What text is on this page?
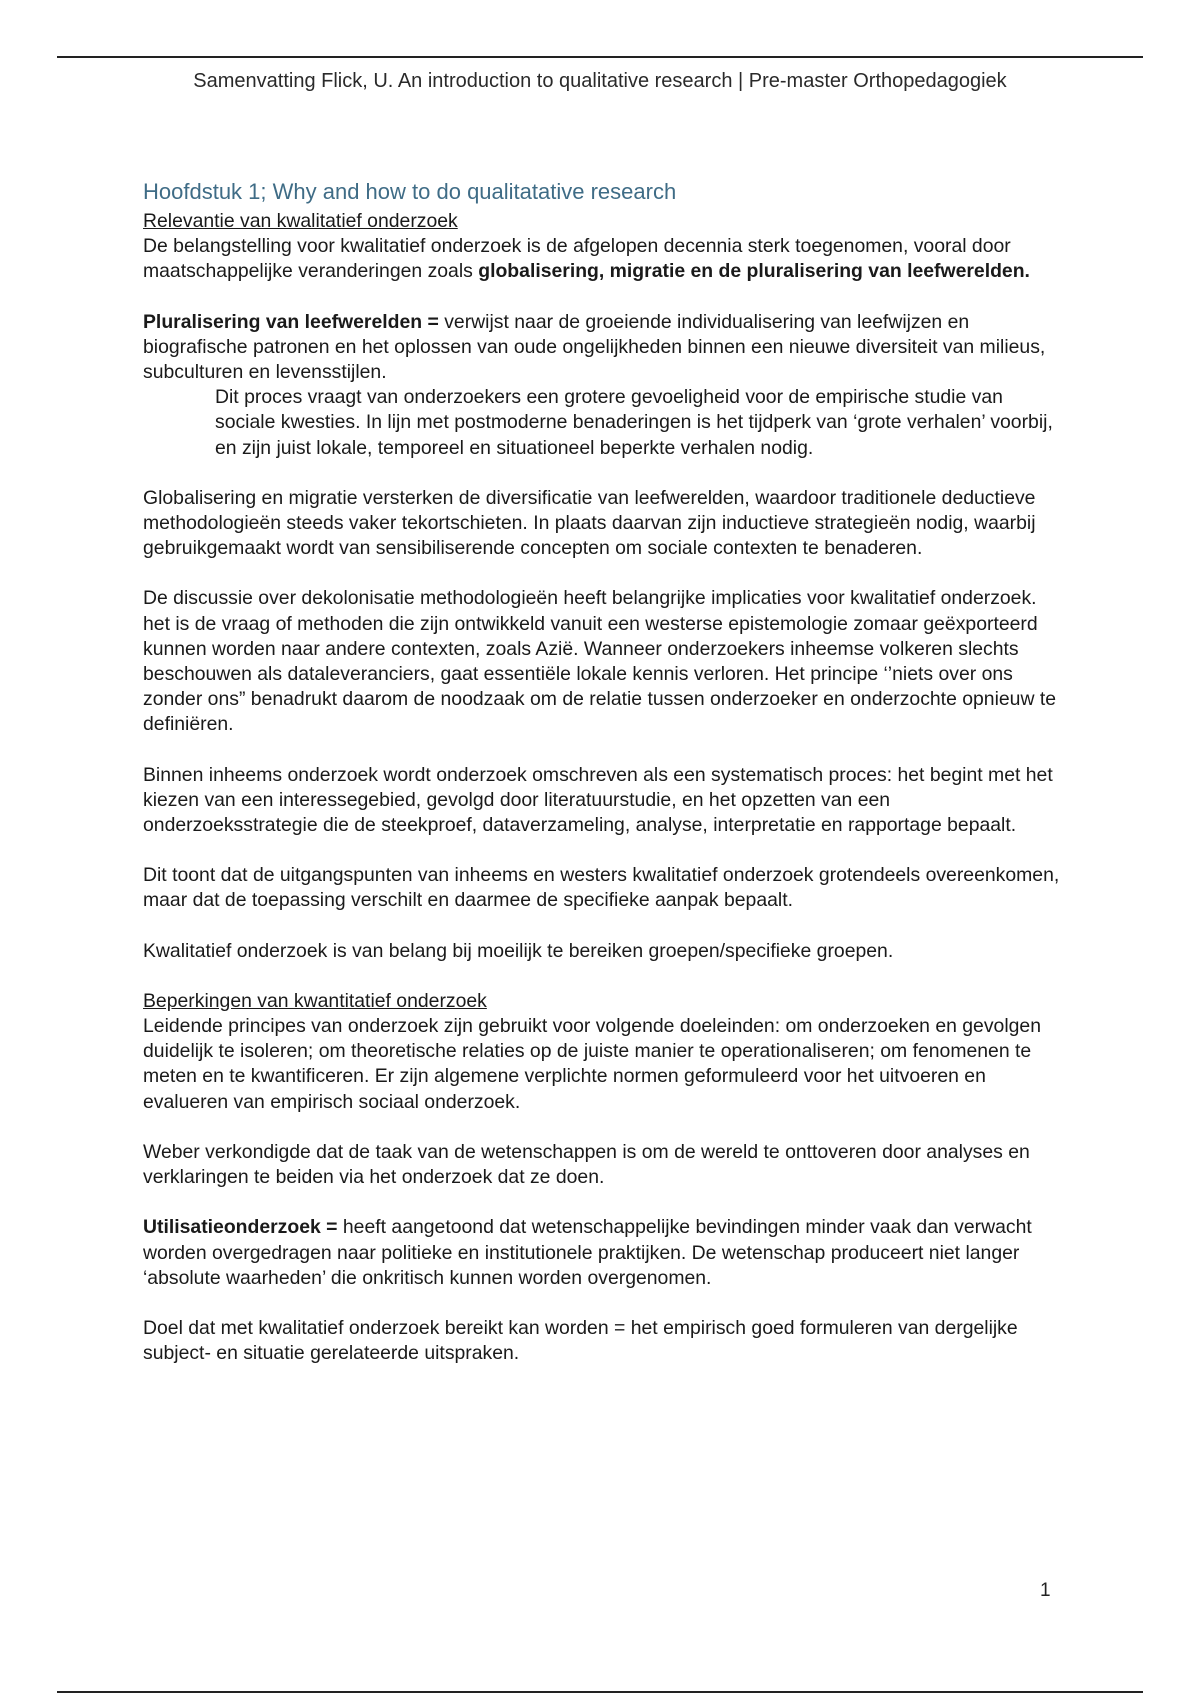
Samenvatting Flick, U. An introduction to qualitative research | Pre-master Orthopedagogiek
Hoofdstuk 1; Why and how to do qualitatative research
Relevantie van kwalitatief onderzoek

De belangstelling voor kwalitatief onderzoek is de afgelopen decennia sterk toegenomen, vooral door maatschappelijke veranderingen zoals globalisering, migratie en de pluralisering van leefwerelden.

Pluralisering van leefwerelden = verwijst naar de groeiende individualisering van leefwijzen en biografische patronen en het oplossen van oude ongelijkheden binnen een nieuwe diversiteit van milieus, subculturen en levensstijlen.

Dit proces vraagt van onderzoekers een grotere gevoeligheid voor de empirische studie van sociale kwesties. In lijn met postmoderne benaderingen is het tijdperk van ‘grote verhalen’ voorbij, en zijn juist lokale, temporeel en situationeel beperkte verhalen nodig.

Globalisering en migratie versterken de diversificatie van leefwerelden, waardoor traditionele deductieve methodologieën steeds vaker tekortschieten. In plaats daarvan zijn inductieve strategieën nodig, waarbij gebruikgemaakt wordt van sensibiliserende concepten om sociale contexten te benaderen.

De discussie over dekolonisatie methodologieën heeft belangrijke implicaties voor kwalitatief onderzoek. het is de vraag of methoden die zijn ontwikkeld vanuit een westerse epistemologie zomaar geëxporteerd kunnen worden naar andere contexten, zoals Azië. Wanneer onderzoekers inheemse volkeren slechts beschouwen als dataleveranciers, gaat essentiële lokale kennis verloren. Het principe ‘’niets over ons zonder ons” benadrukt daarom de noodzaak om de relatie tussen onderzoeker en onderzochte opnieuw te definiëren.

Binnen inheems onderzoek wordt onderzoek omschreven als een systematisch proces: het begint met het kiezen van een interessegebied, gevolgd door literatuurstudie, en het opzetten van een onderzoeksstrategie die de steekproef, dataverzameling, analyse, interpretatie en rapportage bepaalt.

Dit toont dat de uitgangspunten van inheems en westers kwalitatief onderzoek grotendeels overeenkomen, maar dat de toepassing verschilt en daarmee de specifieke aanpak bepaalt.

Kwalitatief onderzoek is van belang bij moeilijk te bereiken groepen/specifieke groepen.

Beperkingen van kwantitatief onderzoek

Leidende principes van onderzoek zijn gebruikt voor volgende doeleinden: om onderzoeken en gevolgen duidelijk te isoleren; om theoretische relaties op de juiste manier te operationaliseren; om fenomenen te meten en te kwantificeren. Er zijn algemene verplichte normen geformuleerd voor het uitvoeren en evalueren van empirisch sociaal onderzoek.

Weber verkondigde dat de taak van de wetenschappen is om de wereld te onttoveren door analyses en verklaringen te beiden via het onderzoek dat ze doen.

Utilisatieonderzoek = heeft aangetoond dat wetenschappelijke bevindingen minder vaak dan verwacht worden overgedragen naar politieke en institutionele praktijken. De wetenschap produceert niet langer ‘absolute waarheden’ die onkritisch kunnen worden overgenomen.

Doel dat met kwalitatief onderzoek bereikt kan worden = het empirisch goed formuleren van dergelijke subject- en situatie gerelateerde uitspraken.

1
